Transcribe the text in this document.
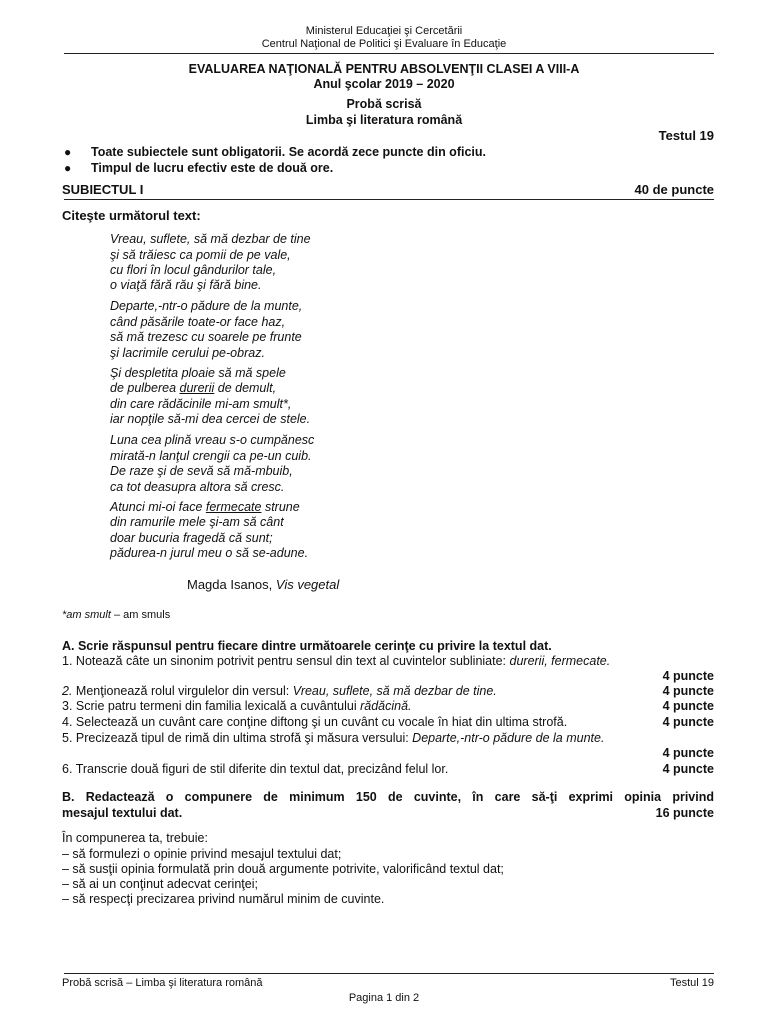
Ministerul Educaţiei şi Cercetării
Centrul Naţional de Politici şi Evaluare în Educaţie
EVALUAREA NAŢIONALĂ PENTRU ABSOLVENŢII CLASEI A VIII-A
Anul şcolar 2019 – 2020
Probă scrisă
Limba şi literatura română
Testul 19
● Toate subiectele sunt obligatorii. Se acordă zece puncte din oficiu.
● Timpul de lucru efectiv este de două ore.
SUBIECTUL I	40 de puncte
Citeşte următorul text:
Vreau, suflete, să mă dezbar de tine
şi să trăiesc ca pomii de pe vale,
cu flori în locul gândurilor tale,
o viaţă fără rău şi fără bine.
Departe,-ntr-o pădure de la munte,
când păsările toate-or face haz,
să mă trezesc cu soarele pe frunte
şi lacrimile cerului pe-obraz.
Şi despletita ploaie să mă spele
de pulberea durerii de demult,
din care rădăcinile mi-am smult*,
iar nopţile să-mi dea cercei de stele.
Luna cea plină vreau s-o cumpănesc
mirată-n lanţul crengii ca pe-un cuib.
De raze şi de sevă să mă-mbuib,
ca tot deasupra altora să cresc.
Atunci mi-oi face fermecate strune
din ramurile mele şi-am să cânt
doar bucuria fragedă că sunt;
pădurea-n jurul meu o să se-adune.
Magda Isanos, Vis vegetal
*am smult – am smuls
A. Scrie răspunsul pentru fiecare dintre următoarele cerinţe cu privire la textul dat.
1. Notează câte un sinonim potrivit pentru sensul din text al cuvintelor subliniate: durerii, fermecate.
4 puncte
2. Menţionează rolul virgulelor din versul: Vreau, suflete, să mă dezbar de tine.	4 puncte
3. Scrie patru termeni din familia lexicală a cuvântului rădăcină.	4 puncte
4. Selectează un cuvânt care conţine diftong şi un cuvânt cu vocale în hiat din ultima strofă.	4 puncte
5. Precizează tipul de rimă din ultima strofă şi măsura versului: Departe,-ntr-o pădure de la munte.
4 puncte
6. Transcrie două figuri de stil diferite din textul dat, precizând felul lor.	4 puncte
B. Redactează o compunere de minimum 150 de cuvinte, în care să-ţi exprimi opinia privind
mesajul textului dat.	16 puncte
În compunerea ta, trebuie:
– să formulezi o opinie privind mesajul textului dat;
– să susţii opinia formulată prin două argumente potrivite, valorificând textul dat;
– să ai un conţinut adecvat cerinţei;
– să respecţi precizarea privind numărul minim de cuvinte.
Probă scrisă – Limba şi literatura română	Testul 19
Pagina 1 din 2
